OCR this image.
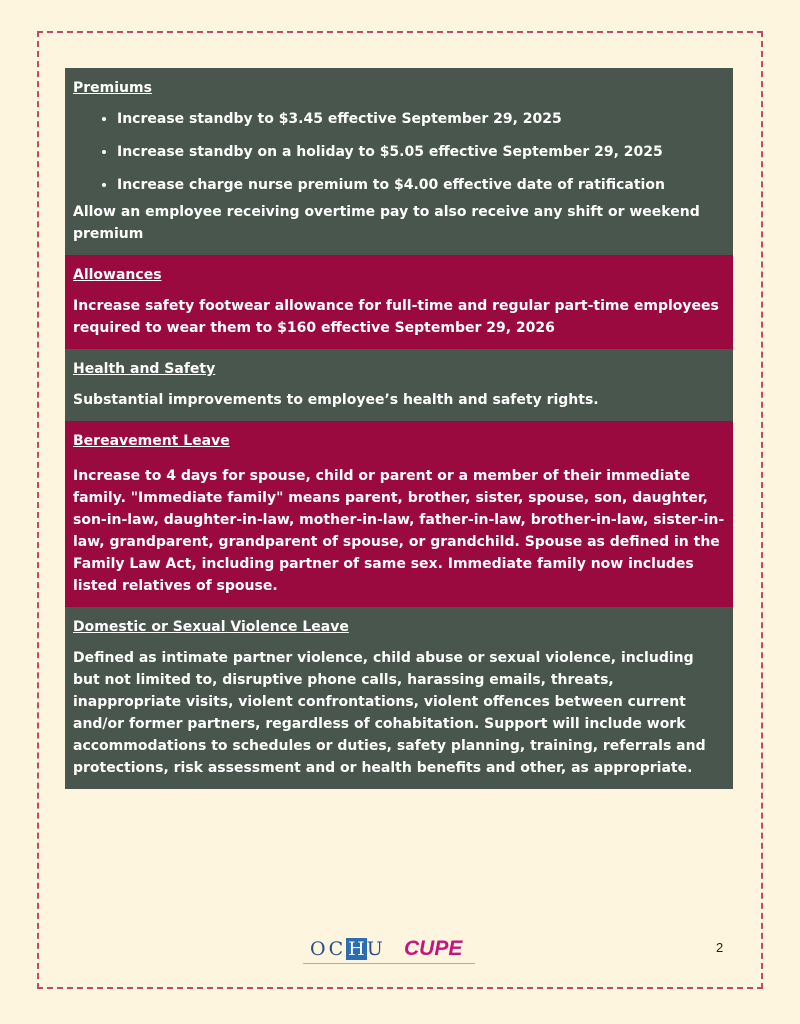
Premiums
• Increase standby to $3.45 effective September 29, 2025
• Increase standby on a holiday to $5.05 effective September 29, 2025
• Increase charge nurse premium to $4.00 effective date of ratification

Allow an employee receiving overtime pay to also receive any shift or weekend premium

Allowances

Increase safety footwear allowance for full-time and regular part-time employees required to wear them to $160 effective September 29, 2026

Health and Safety

Substantial improvements to employee’s health and safety rights.

Bereavement Leave

Increase to 4 days for spouse, child or parent or a member of their immediate family. "Immediate family" means parent, brother, sister, spouse, son, daughter, son-in-law, daughter-in-law, mother-in-law, father-in-law, brother-in-law, sister-in-law, grandparent, grandparent of spouse, or grandchild. Spouse as defined in the Family Law Act, including partner of same sex. Immediate family now includes listed relatives of spouse.

Domestic or Sexual Violence Leave

Defined as intimate partner violence, child abuse or sexual violence, including but not limited to, disruptive phone calls, harassing emails, threats, inappropriate visits, violent confrontations, violent offences between current and/or former partners, regardless of cohabitation. Support will include work accommodations to schedules or duties, safety planning, training, referrals and protections, risk assessment and or health benefits and other, as appropriate.

OC H U CUPE	2
